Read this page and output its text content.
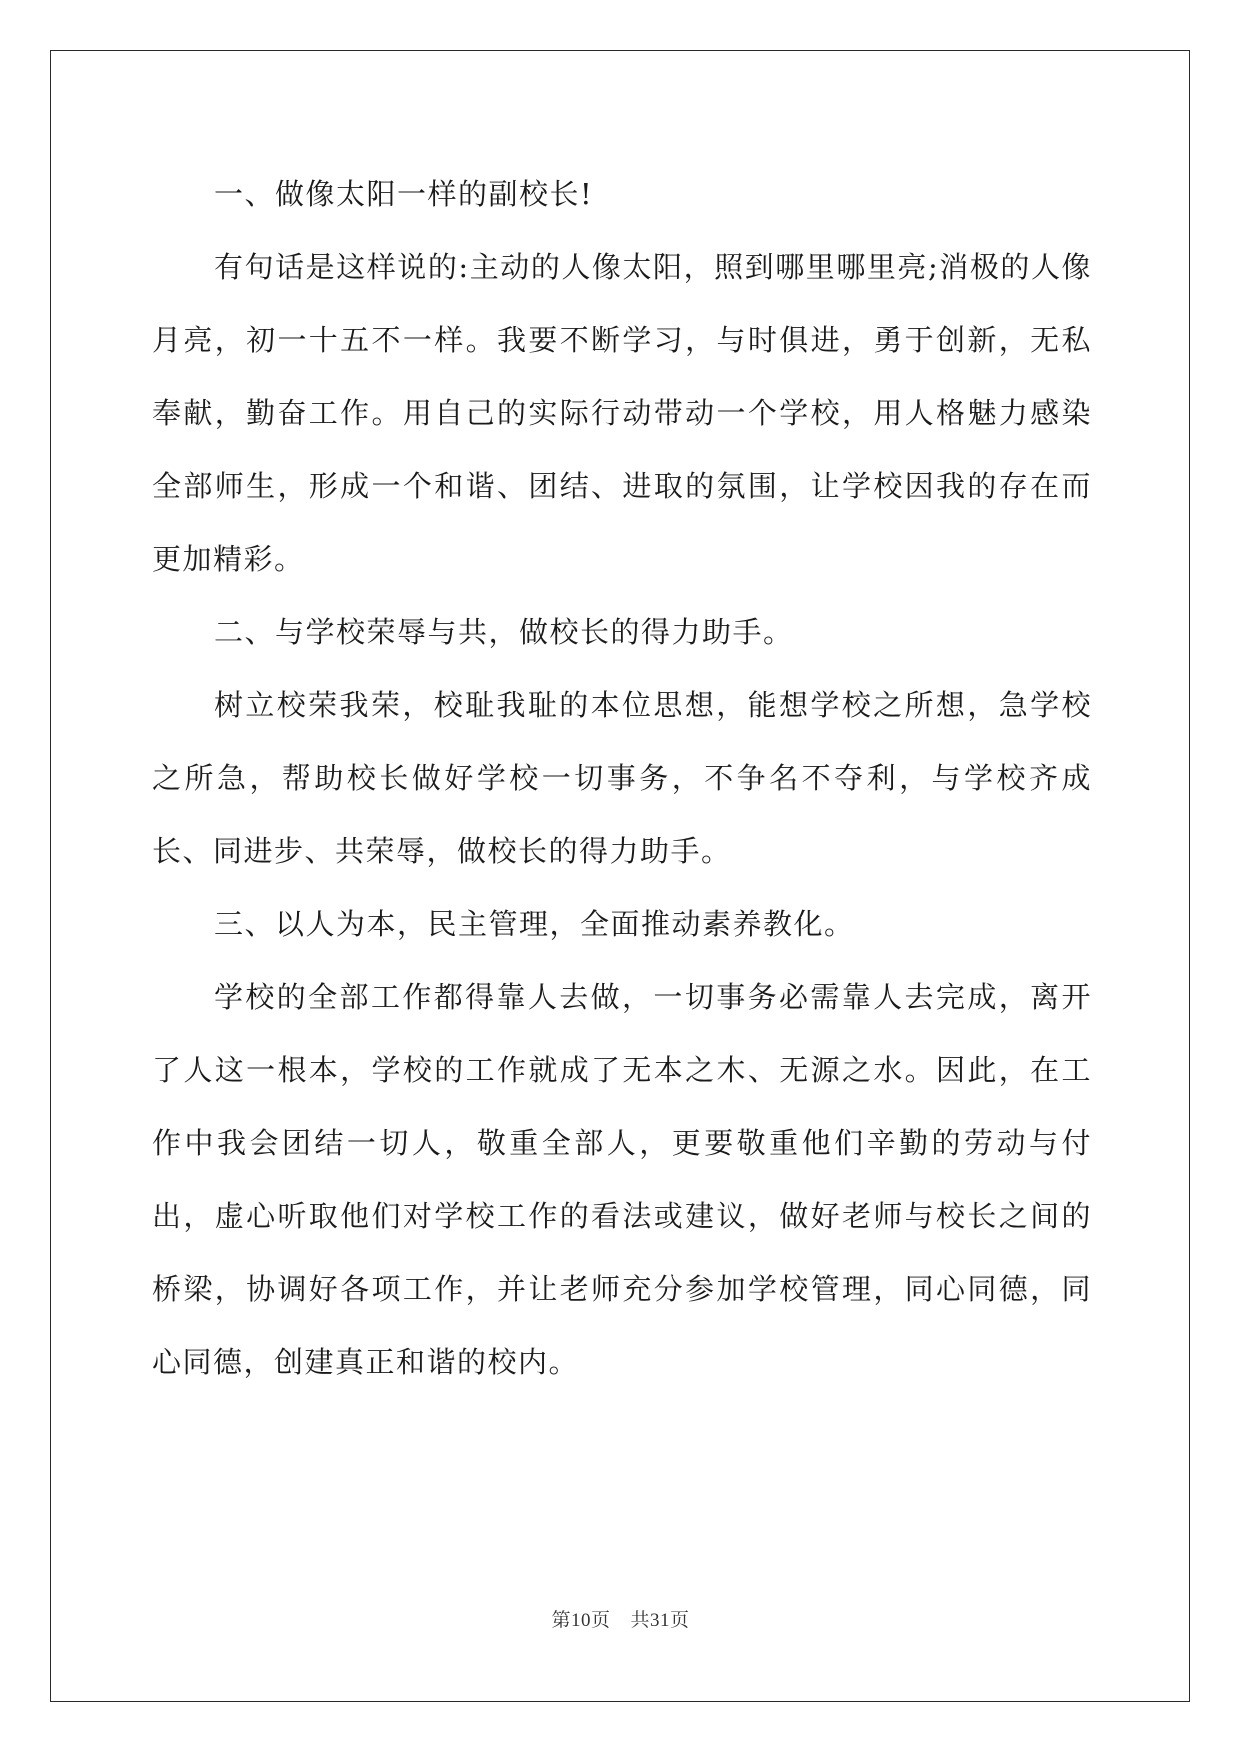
一、做像太阳一样的副校长!

有句话是这样说的:主动的人像太阳，照到哪里哪里亮;消极的人像月亮，初一十五不一样。我要不断学习，与时俱进，勇于创新，无私奉献，勤奋工作。用自己的实际行动带动一个学校，用人格魅力感染全部师生，形成一个和谐、团结、进取的氛围，让学校因我的存在而更加精彩。

二、与学校荣辱与共，做校长的得力助手。

树立校荣我荣，校耻我耻的本位思想，能想学校之所想，急学校之所急，帮助校长做好学校一切事务，不争名不夺利，与学校齐成长、同进步、共荣辱，做校长的得力助手。

三、以人为本，民主管理，全面推动素养教化。

学校的全部工作都得靠人去做，一切事务必需靠人去完成，离开了人这一根本，学校的工作就成了无本之木、无源之水。因此，在工作中我会团结一切人，敬重全部人，更要敬重他们辛勤的劳动与付出，虚心听取他们对学校工作的看法或建议，做好老师与校长之间的桥梁，协调好各项工作，并让老师充分参加学校管理，同心同德，同心同德，创建真正和谐的校内。

第10页 共31页
